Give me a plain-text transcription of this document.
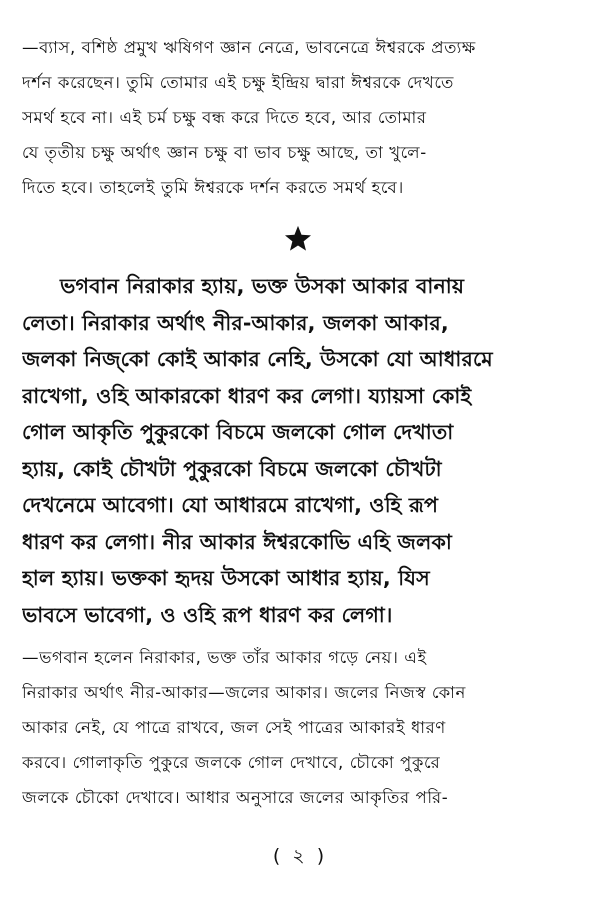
—ব্যাস, বশিষ্ঠ প্রমুখ ঋষিগণ জ্ঞান নেত্রে, ভাবনেত্রে ঈশ্বরকে প্রত্যক্ষ
দর্শন করেছেন। তুমি তোমার এই চক্ষু ইন্দ্রিয় দ্বারা ঈশ্বরকে দেখতে
সমর্থ হবে না। এই চর্ম চক্ষু বন্ধ করে দিতে হবে, আর তোমার
যে তৃতীয় চক্ষু অর্থাৎ জ্ঞান চক্ষু বা ভাব চক্ষু আছে, তা খুলে-
দিতে হবে। তাহলেই তুমি ঈশ্বরকে দর্শন করতে সমর্থ হবে।
ভগবান নিরাকার হ্যায়, ভক্ত উসকা আকার বানায়
লেতা। নিরাকার অর্থাৎ নীর-আকার, জলকা আকার,
জলকা নিজ্‌কো কোই আকার নেহি, উসকো যো আধারমে
রাখেগা, ওহি আকারকো ধারণ কর লেগা। য্যায়সা কোই
গোল আকৃতি পুকুরকো বিচমে জলকো গোল দেখাতা
হ্যায়, কোই চৌখটা পুকুরকো বিচমে জলকো চৌখটা
দেখনেমে আবেগা। যো আধারমে রাখেগা, ওহি রূপ
ধারণ কর লেগা। নীর আকার ঈশ্বরকোভি এহি জলকা
হাল হ্যায়। ভক্তকা হৃদয় উসকো আধার হ্যায়, যিস
ভাবসে ভাবেগা, ও ওহি রূপ ধারণ কর লেগা।
—ভগবান হলেন নিরাকার, ভক্ত তাঁর আকার গড়ে নেয়। এই
নিরাকার অর্থাৎ নীর-আকার—জলের আকার। জলের নিজস্ব কোন
আকার নেই, যে পাত্রে রাখবে, জল সেই পাত্রের আকারই ধারণ
করবে। গোলাকৃতি পুকুরে জলকে গোল দেখাবে, চৌকো পুকুরে
জলকে চৌকো দেখাবে। আধার অনুসারে জলের আকৃতির পরি-
( ২ )
